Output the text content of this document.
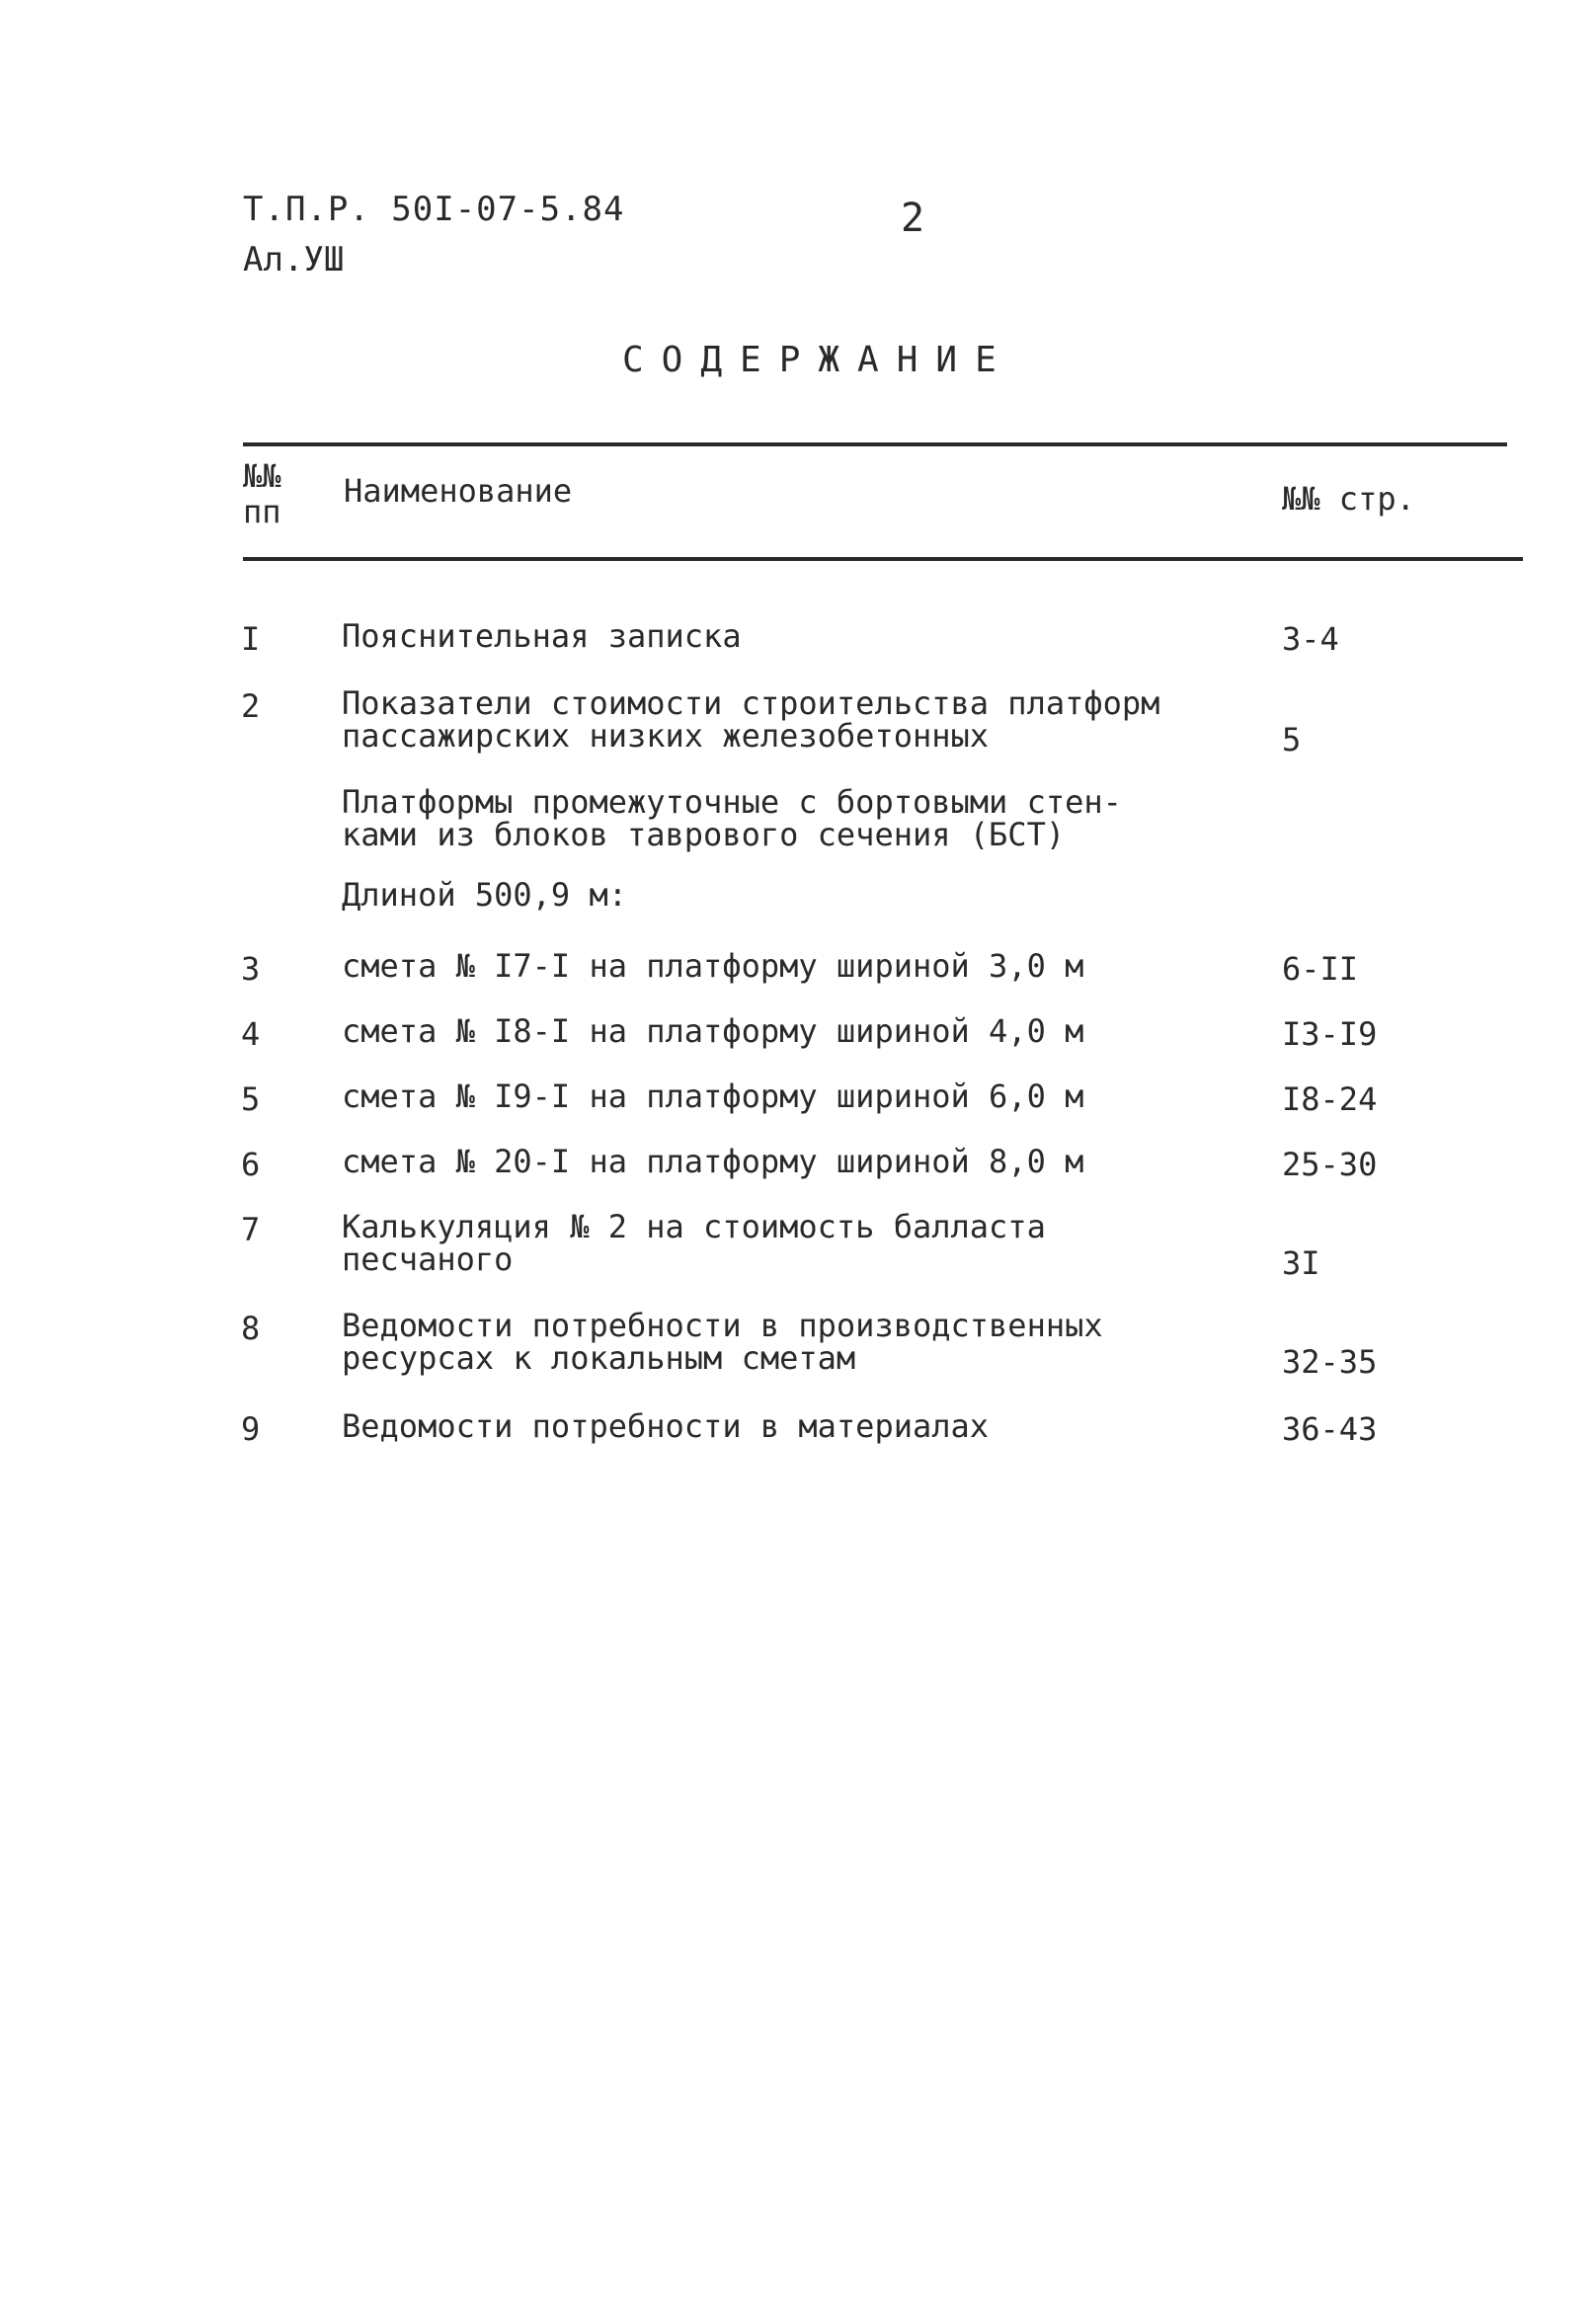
Т.П.Р. 50I-07-5.84
Ал.УШ
2
СОДЕРЖАНИЕ
№№ пп
Наименование	№№ стр.
I	Пояснительная записка	3-4
2	Показатели стоимости строительства платформ
пассажирских низких железобетонных	5
Платформы промежуточные с бортовыми стен-
ками из блоков таврового сечения (БСТ)
Длиной 500,9 м:
3	смета № I7-I на платформу шириной 3,0 м	6-II
4	смета № I8-I на платформу шириной 4,0 м	I3-I9
5	смета № I9-I на платформу шириной 6,0 м	I8-24
6	смета № 20-I на платформу шириной 8,0 м	25-30
7	Калькуляция № 2 на стоимость балласта
песчаного	3I
8	Ведомости потребности в производственных
ресурсах к локальным сметам	32-35
9	Ведомости потребности в материалах	36-43
